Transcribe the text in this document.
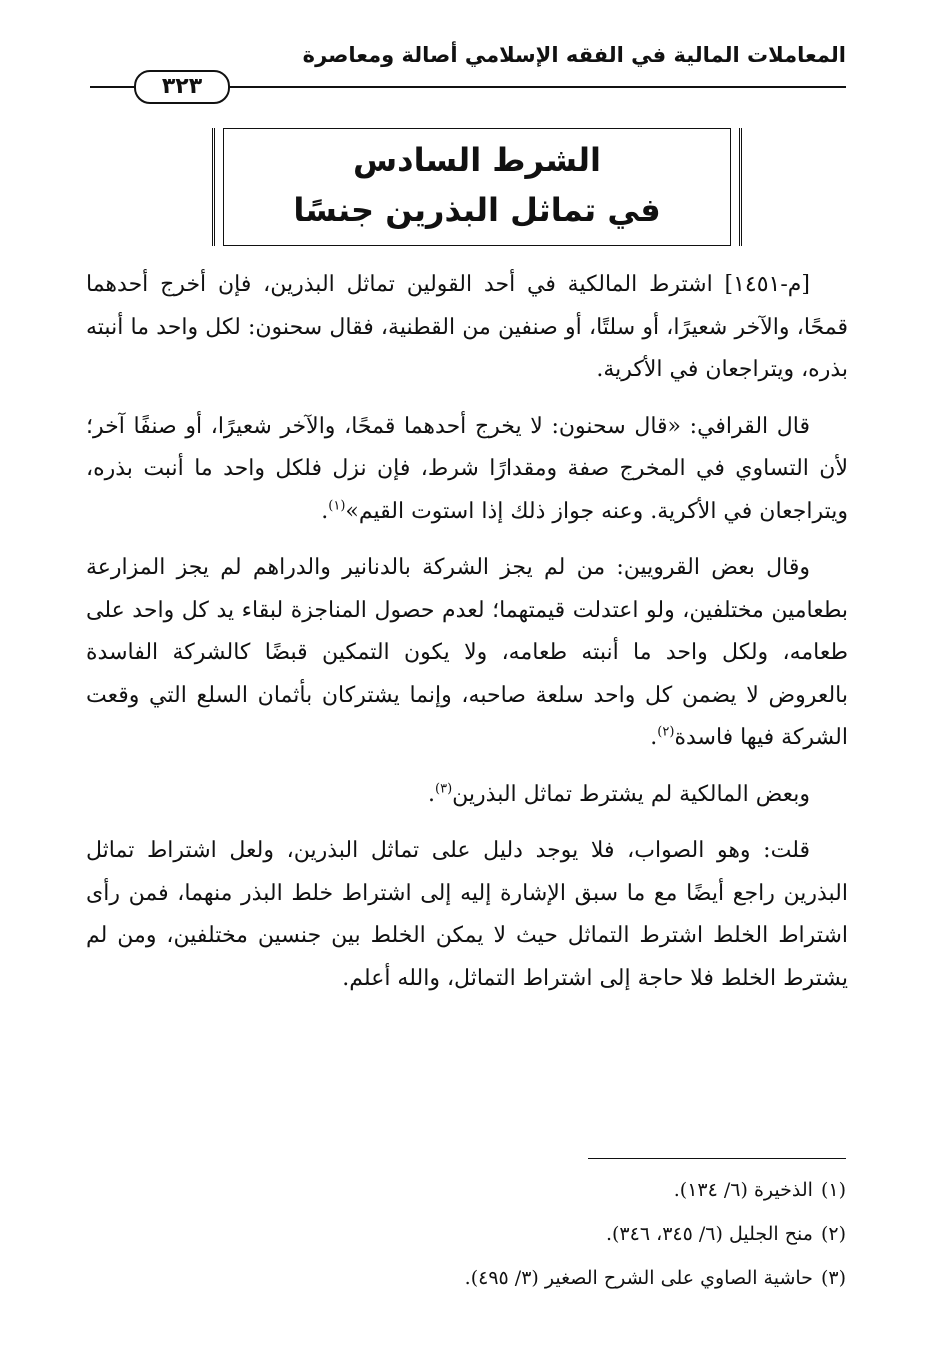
المعاملات المالية في الفقه الإسلامي أصالة ومعاصرة
٣٢٣
الشرط السادس
في تماثل البذرين جنسًا

[م-١٤٥١] اشترط المالكية في أحد القولين تماثل البذرين، فإن أخرج أحدهما قمحًا، والآخر شعيرًا، أو سلتًا، أو صنفين من القطنية، فقال سحنون: لكل واحد ما أنبته بذره، ويتراجعان في الأكرية.

قال القرافي: «قال سحنون: لا يخرج أحدهما قمحًا، والآخر شعيرًا، أو صنفًا آخر؛ لأن التساوي في المخرج صفة ومقدارًا شرط، فإن نزل فلكل واحد ما أنبت بذره، ويتراجعان في الأكرية. وعنه جواز ذلك إذا استوت القيم»$^{(١)}$.

وقال بعض القرويين: من لم يجز الشركة بالدنانير والدراهم لم يجز المزارعة بطعامين مختلفين، ولو اعتدلت قيمتهما؛ لعدم حصول المناجزة لبقاء يد كل واحد على طعامه، ولكل واحد ما أنبته طعامه، ولا يكون التمكين قبضًا كالشركة الفاسدة بالعروض لا يضمن كل واحد سلعة صاحبه، وإنما يشتركان بأثمان السلع التي وقعت الشركة فيها فاسدة$^{(٢)}$.

وبعض المالكية لم يشترط تماثل البذرين$^{(٣)}$.

قلت: وهو الصواب، فلا يوجد دليل على تماثل البذرين، ولعل اشتراط تماثل البذرين راجع أيضًا مع ما سبق الإشارة إليه إلى اشتراط خلط البذر منهما، فمن رأى اشتراط الخلط اشترط التماثل حيث لا يمكن الخلط بين جنسين مختلفين، ومن لم يشترط الخلط فلا حاجة إلى اشتراط التماثل، والله أعلم.

(١)الذخيرة (٦/ ١٣٤).
(٢)منح الجليل (٦/ ٣٤٥، ٣٤٦).
(٣)حاشية الصاوي على الشرح الصغير (٣/ ٤٩٥).
